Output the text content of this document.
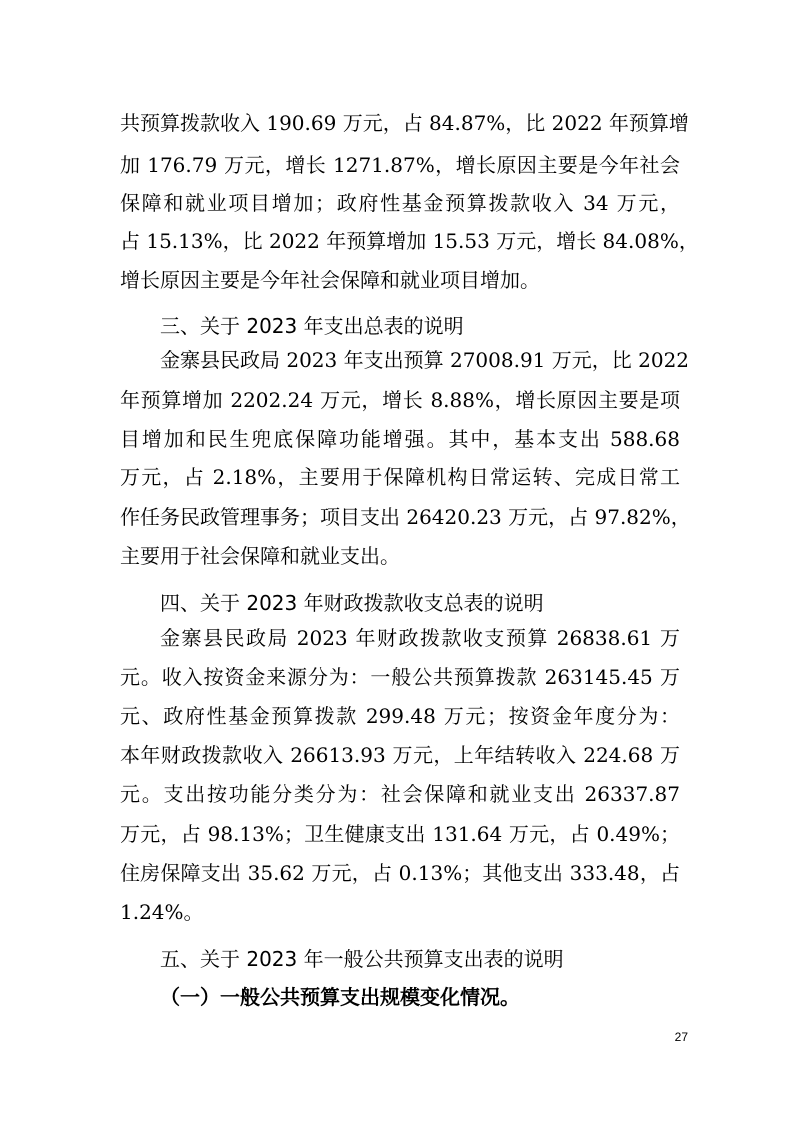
共预算拨款收入 190.69 万元，占 84.87%，比 2022 年预算增
加 176.79 万元，增长 1271.87%，增长原因主要是今年社会
保障和就业项目增加；政府性基金预算拨款收入 34 万元，
占 15.13%，比 2022 年预算增加 15.53 万元，增长 84.08%，
增长原因主要是今年社会保障和就业项目增加。
三、关于 2023 年支出总表的说明
金寨县民政局 2023 年支出预算 27008.91 万元，比 2022
年预算增加 2202.24 万元，增长 8.88%，增长原因主要是项
目增加和民生兜底保障功能增强。其中，基本支出 588.68
万元，占 2.18%，主要用于保障机构日常运转、完成日常工
作任务民政管理事务；项目支出 26420.23 万元，占 97.82%，
主要用于社会保障和就业支出。
四、关于 2023 年财政拨款收支总表的说明
金寨县民政局 2023 年财政拨款收支预算 26838.61 万
元。收入按资金来源分为：一般公共预算拨款 263145.45 万
元、政府性基金预算拨款 299.48 万元；按资金年度分为：
本年财政拨款收入 26613.93 万元，上年结转收入 224.68 万
元。支出按功能分类分为：社会保障和就业支出 26337.87
万元，占 98.13%；卫生健康支出 131.64 万元，占 0.49%；
住房保障支出 35.62 万元，占 0.13%；其他支出 333.48，占
1.24%。
五、关于 2023 年一般公共预算支出表的说明
（一）一般公共预算支出规模变化情况。
27
